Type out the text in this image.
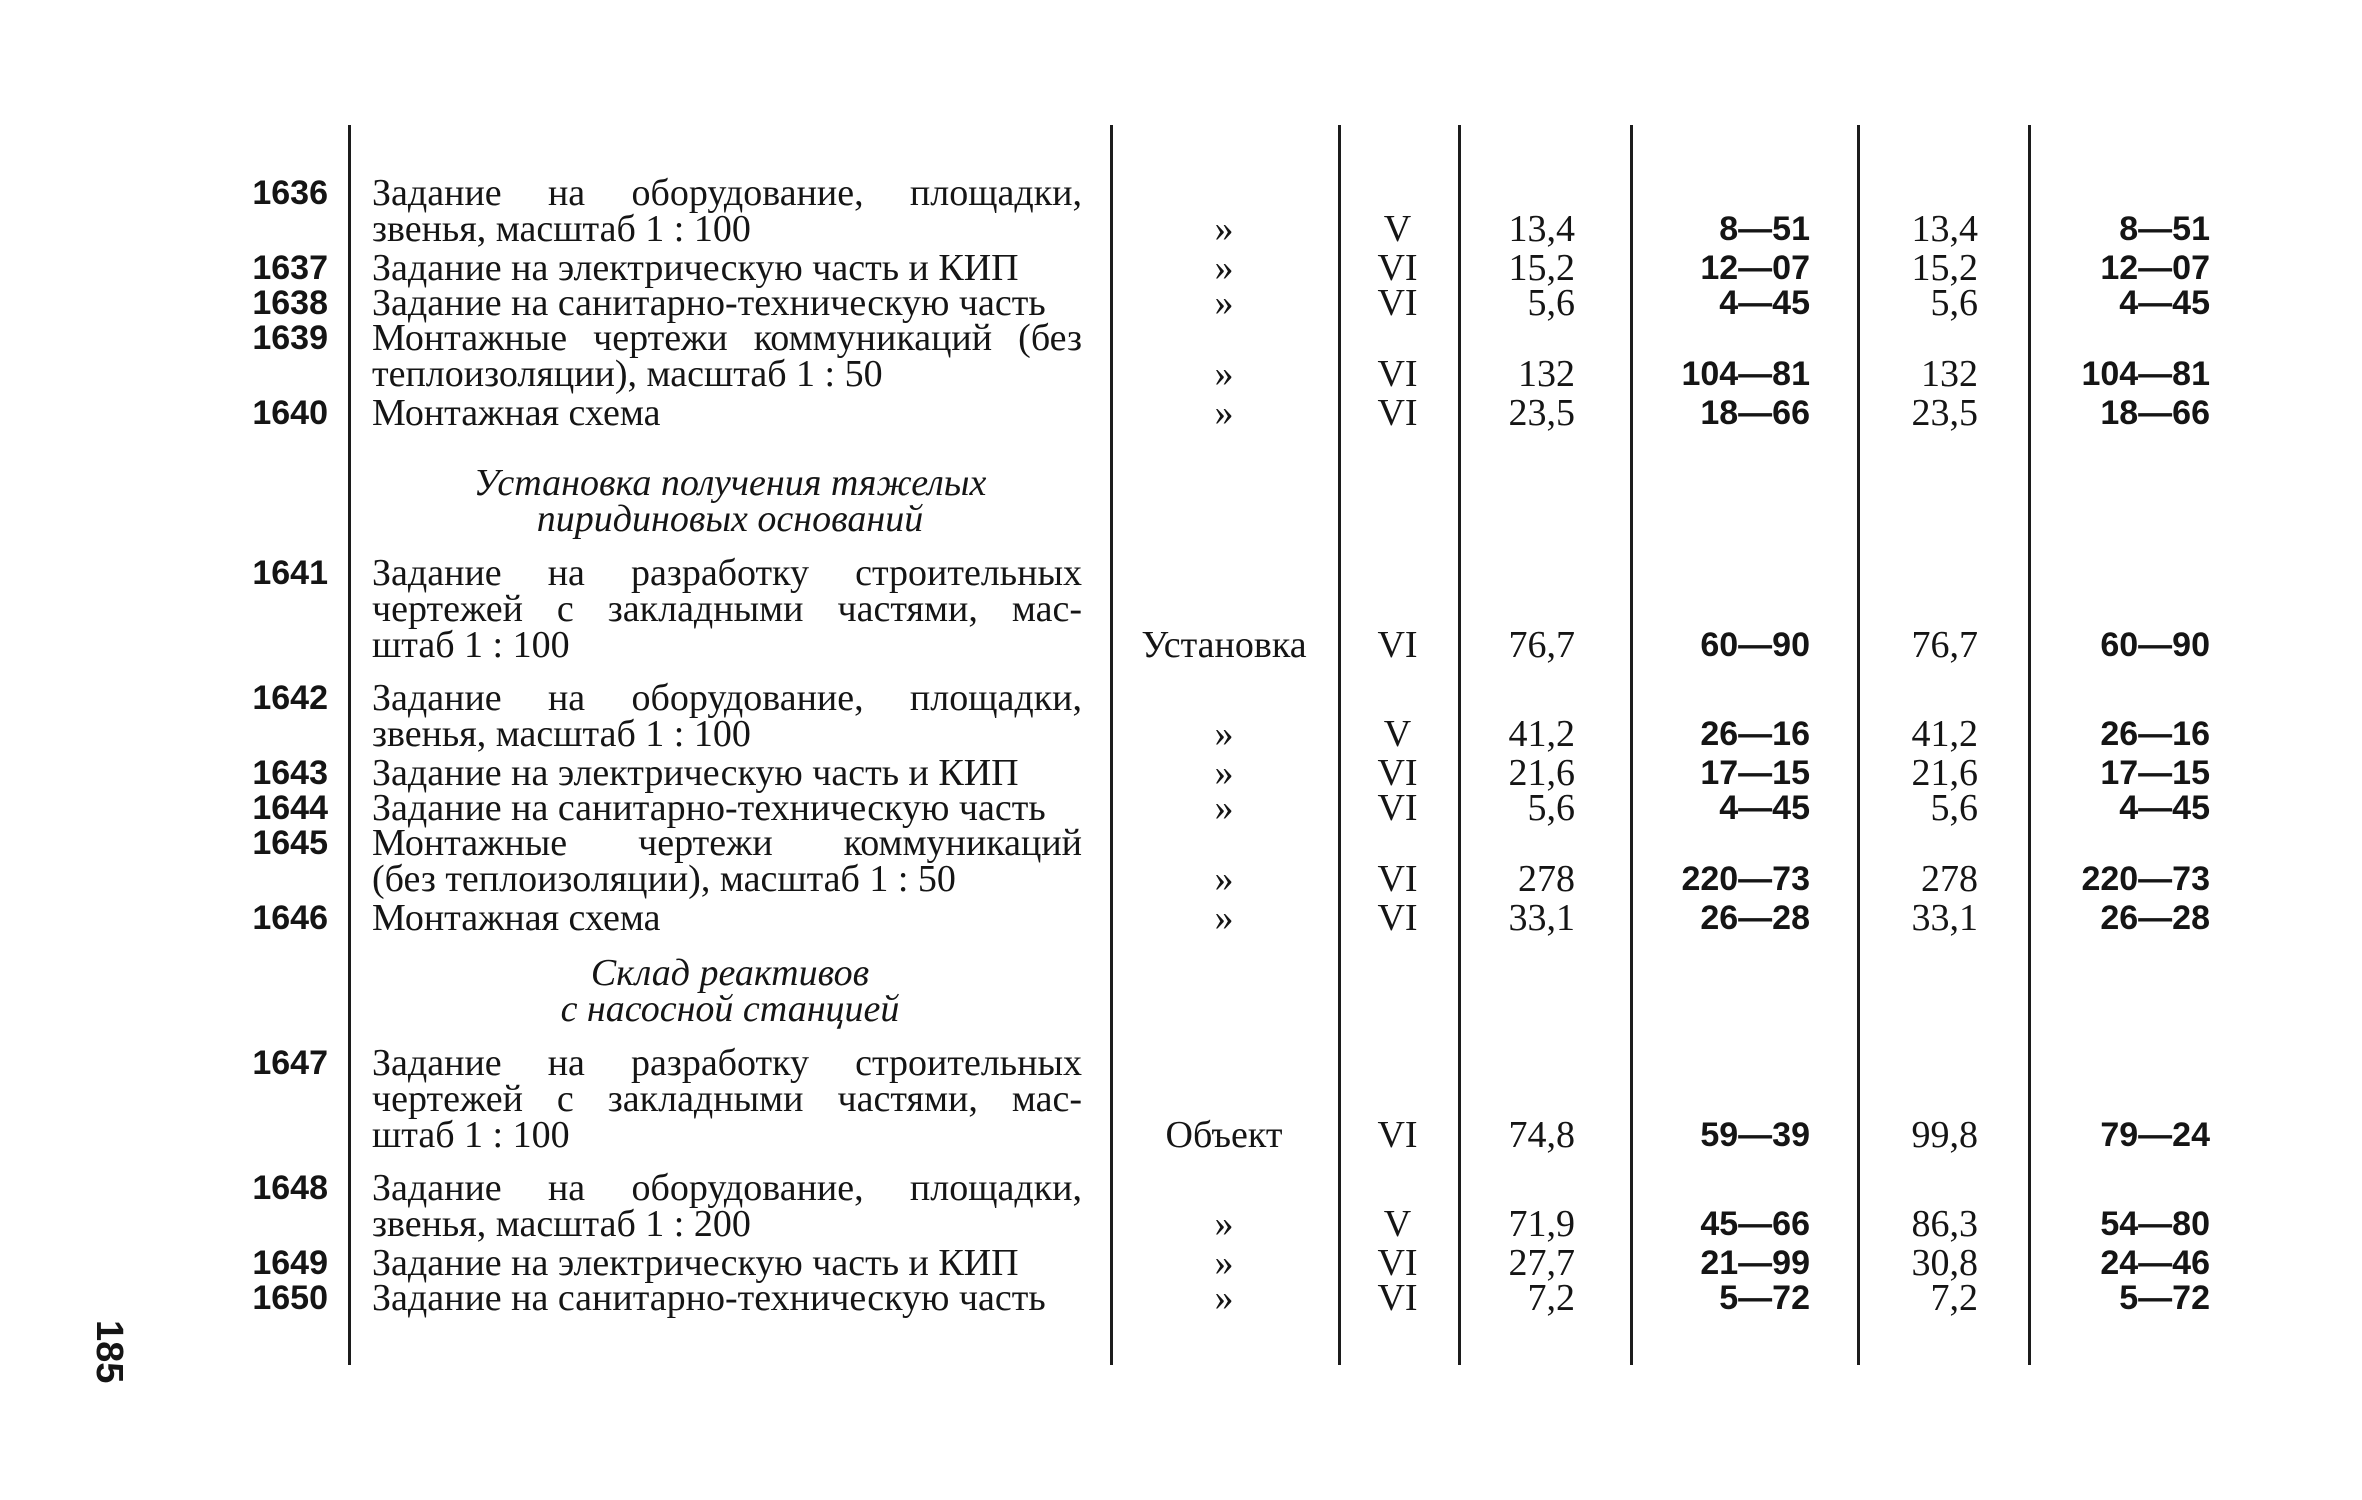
1636 Задание на оборудование, площадки,
звенья, масштаб 1 : 100	»	V	13,4	8—51	13,4	8—51
1637 Задание на электрическую часть и КИП	»	VI	15,2	12—07	15,2	12—07
1638 Задание на санитарно-техническую часть	»	VI	5,6	4—45	5,6	4—45
1639 Монтажные чертежи коммуникаций (без
теплоизоляции), масштаб 1 : 50	»	VI	132	104—81	132	104—81
1640 Монтажная схема	»	VI	23,5	18—66	23,5	18—66
1641 Задание на разработку строительных
чертежей с закладными частями, мас-
штаб 1 : 100	Установка	VI	76,7	60—90	76,7	60—90
1642 Задание на оборудование, площадки,
звенья, масштаб 1 : 100	»	V	41,2	26—16	41,2	26—16
1643 Задание на электрическую часть и КИП	»	VI	21,6	17—15	21,6	17—15
1644 Задание на санитарно-техническую часть	»	VI	5,6	4—45	5,6	4—45
1645 Монтажные чертежи коммуникаций
(без теплоизоляции), масштаб 1 : 50	»	VI	278	220—73	278	220—73
1646 Монтажная схема	»	VI	33,1	26—28	33,1	26—28
1647 Задание на разработку строительных
чертежей с закладными частями, мас-
штаб 1 : 100	Объект	VI	74,8	59—39	99,8	79—24
1648 Задание на оборудование, площадки,
звенья, масштаб 1 : 200	»	V	71,9	45—66	86,3	54—80
1649 Задание на электрическую часть и КИП	»	VI	27,7	21—99	30,8	24—46
1650 Задание на санитарно-техническую часть	»	VI	7,2	5—72	7,2	5—72
Установка получения тяжелых
пиридиновых оснований
Склад реактивов
с насосной станцией
185
